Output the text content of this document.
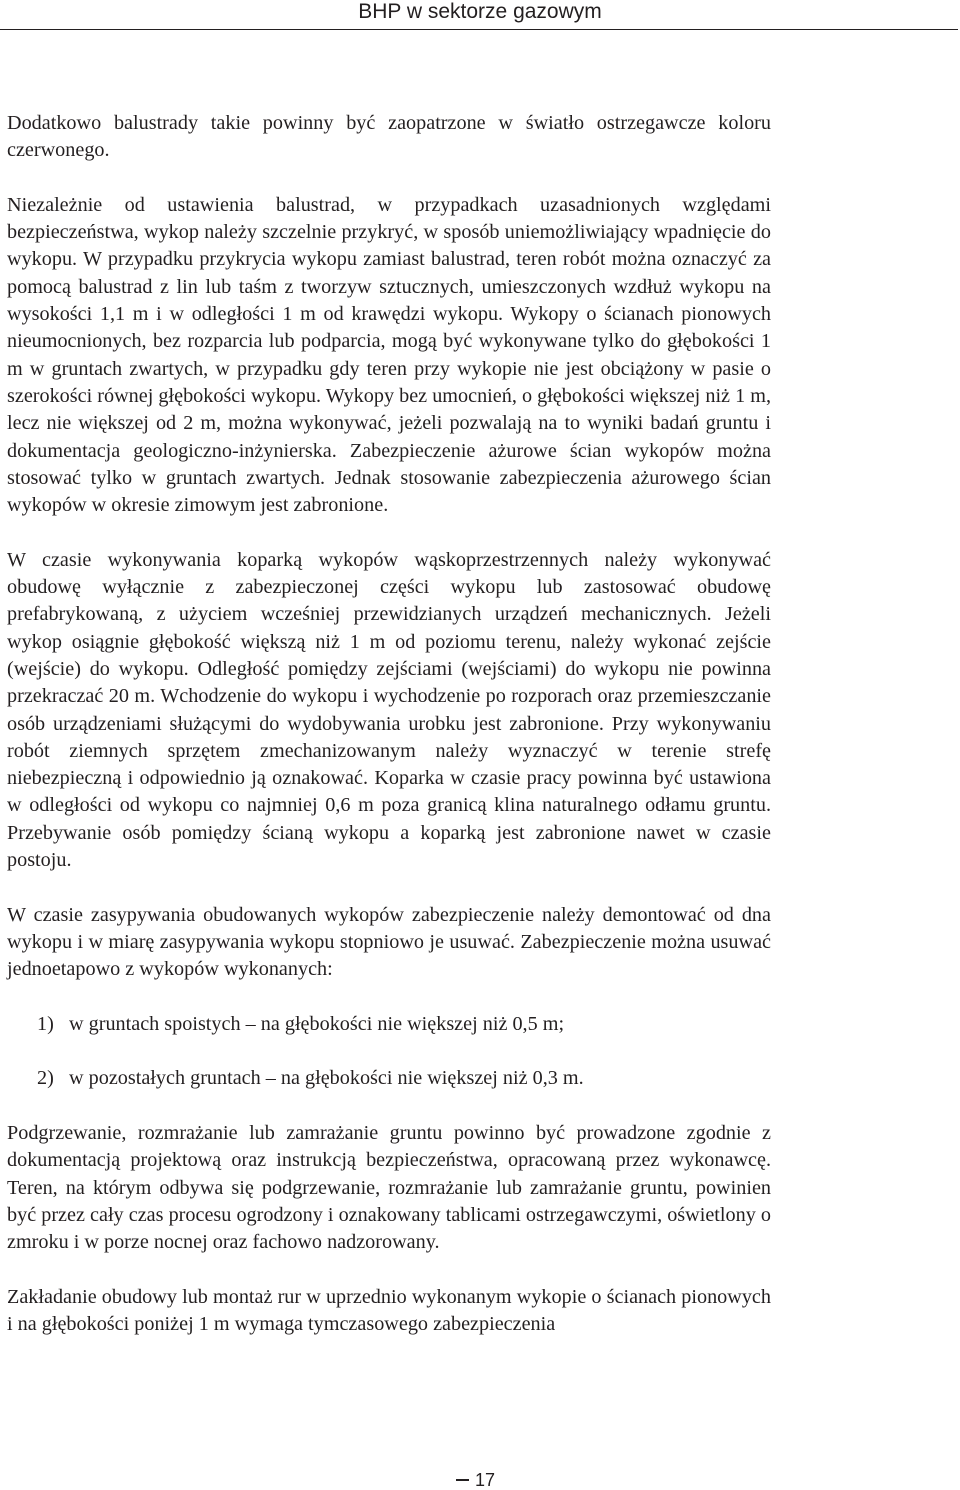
BHP w sektorze gazowym

Dodatkowo balustrady takie powinny być zaopatrzone w światło ostrzegawcze koloru czerwonego.

Niezależnie od ustawienia balustrad, w przypadkach uzasadnionych względami bezpieczeństwa, wykop należy szczelnie przykryć, w sposób uniemożliwiający wpadnięcie do wykopu. W przypadku przykrycia wykopu zamiast balustrad, teren robót można oznaczyć za pomocą balustrad z lin lub taśm z tworzyw sztucznych, umieszczonych wzdłuż wykopu na wysokości 1,1 m i w odległości 1 m od krawędzi wykopu. Wykopy o ścianach pionowych nieumocnionych, bez rozparcia lub podparcia, mogą być wykonywane tylko do głębokości 1 m w gruntach zwartych, w przypadku gdy teren przy wykopie nie jest obciążony w pasie o szerokości równej głębokości wykopu. Wykopy bez umocnień, o głębokości większej niż 1 m, lecz nie większej od 2 m, można wykonywać, jeżeli pozwalają na to wyniki badań gruntu i dokumentacja geologiczno-inżynierska. Zabezpieczenie ażurowe ścian wykopów można stosować tylko w gruntach zwartych. Jednak stosowanie zabezpieczenia ażurowego ścian wykopów w okresie zimowym jest zabronione.

W czasie wykonywania koparką wykopów wąskoprzestrzennych należy wykonywać obudowę wyłącznie z zabezpieczonej części wykopu lub zastosować obudowę prefabrykowaną, z użyciem wcześniej przewidzianych urządzeń mechanicznych. Jeżeli wykop osiągnie głębokość większą niż 1 m od poziomu terenu, należy wykonać zejście (wejście) do wykopu. Odległość pomiędzy zejściami (wejściami) do wykopu nie powinna przekraczać 20 m. Wchodzenie do wykopu i wychodzenie po rozporach oraz przemieszczanie osób urządzeniami służącymi do wydobywania urobku jest zabronione. Przy wykonywaniu robót ziemnych sprzętem zmechanizowanym należy wyznaczyć w terenie strefę niebezpieczną i odpowiednio ją oznakować. Koparka w czasie pracy powinna być ustawiona w odległości od wykopu co najmniej 0,6 m poza granicą klina naturalnego odłamu gruntu. Przebywanie osób pomiędzy ścianą wykopu a koparką jest zabronione nawet w czasie postoju.

W czasie zasypywania obudowanych wykopów zabezpieczenie należy demontować od dna wykopu i w miarę zasypywania wykopu stopniowo je usuwać. Zabezpieczenie można usuwać jednoetapowo z wykopów wykonanych:

1) w gruntach spoistych – na głębokości nie większej niż 0,5 m;
2) w pozostałych gruntach – na głębokości nie większej niż 0,3 m.

Podgrzewanie, rozmrażanie lub zamrażanie gruntu powinno być prowadzone zgodnie z dokumentacją projektową oraz instrukcją bezpieczeństwa, opracowaną przez wykonawcę. Teren, na którym odbywa się podgrzewanie, rozmrażanie lub zamrażanie gruntu, powinien być przez cały czas procesu ogrodzony i oznakowany tablicami ostrzegawczymi, oświetlony o zmroku i w porze nocnej oraz fachowo nadzorowany.

Zakładanie obudowy lub montaż rur w uprzednio wykonanym wykopie o ścianach pionowych i na głębokości poniżej 1 m wymaga tymczasowego zabezpieczenia

17
